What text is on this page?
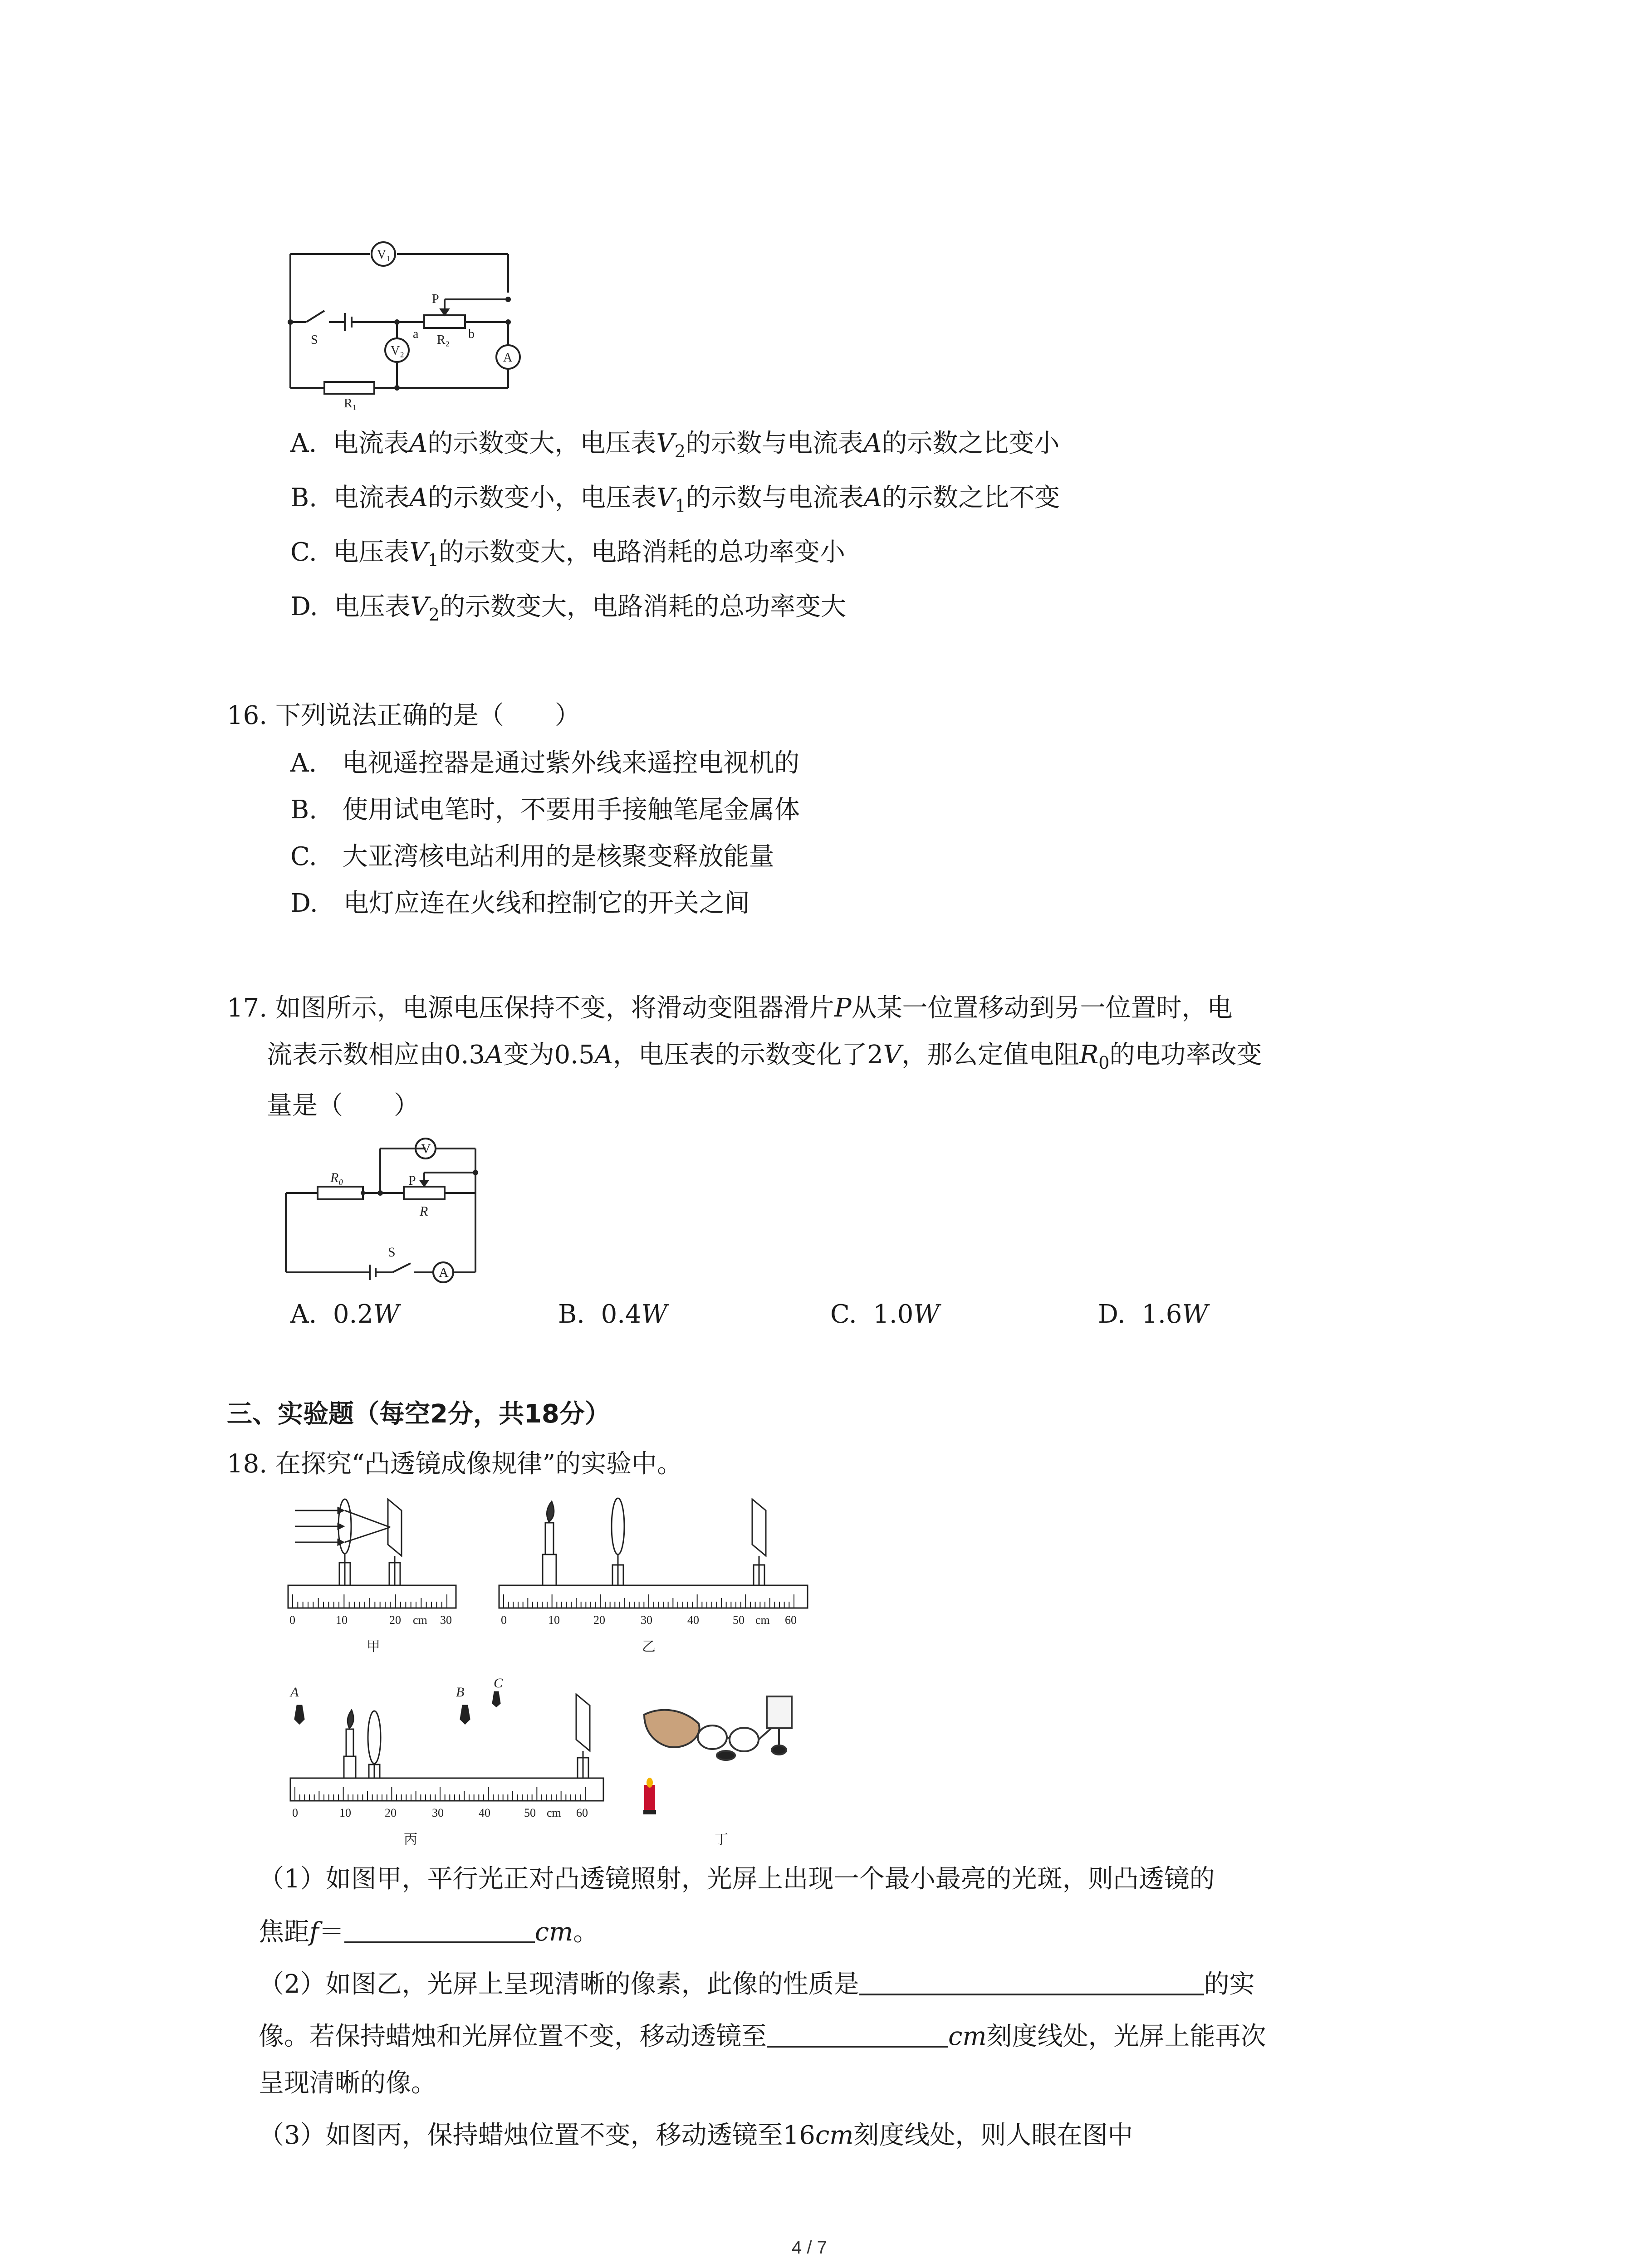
V₁
V₂	A
S
P
a	b
R₂
R₁
A. 电流表A的示数变大，电压表$V_2$的示数与电流表A的示数之比变小
B. 电流表A的示数变小，电压表$V_1$的示数与电流表A的示数之比不变
C. 电压表$V_1$的示数变大，电路消耗的总功率变小
D. 电压表$V_2$的示数变大，电路消耗的总功率变大
16. 下列说法正确的是（　　）
A.　电视遥控器是通过紫外线来遥控电视机的
B.　使用试电笔时，不要用手接触笔尾金属体
C.　大亚湾核电站利用的是核聚变释放能量
D.　电灯应连在火线和控制它的开关之间
17. 如图所示，电源电压保持不变，将滑动变阻器滑片P从某一位置移动到另一位置时，电
流表示数相应由0.3A变为0.5A，电压表的示数变化了2V，那么定值电阻$R_0$的电功率改变
量是（　　）
V
R₀	P
R
S
A
A. 0.2W	B. 0.4W	C. 1.0W	D. 1.6W
三、实验题（每空2分，共18分）
18. 在探究“凸透镜成像规律”的实验中。
0	10	20 cm 30
甲
0	10	20	30	40	50 cm 60
乙
A	B
C
0	10	20	30	40	50 cm 60
丙	丁
（1）如图甲，平行光正对凸透镜照射，光屏上出现一个最小最亮的光斑，则凸透镜的
焦距f＝	cm。
（2）如图乙，光屏上呈现清晰的像素，此像的性质是	的实
像。若保持蜡烛和光屏位置不变，移动透镜至	cm刻度线处，光屏上能再次
呈现清晰的像。
（3）如图丙，保持蜡烛位置不变，移动透镜至16cm刻度线处，则人眼在图中
4 / 7
